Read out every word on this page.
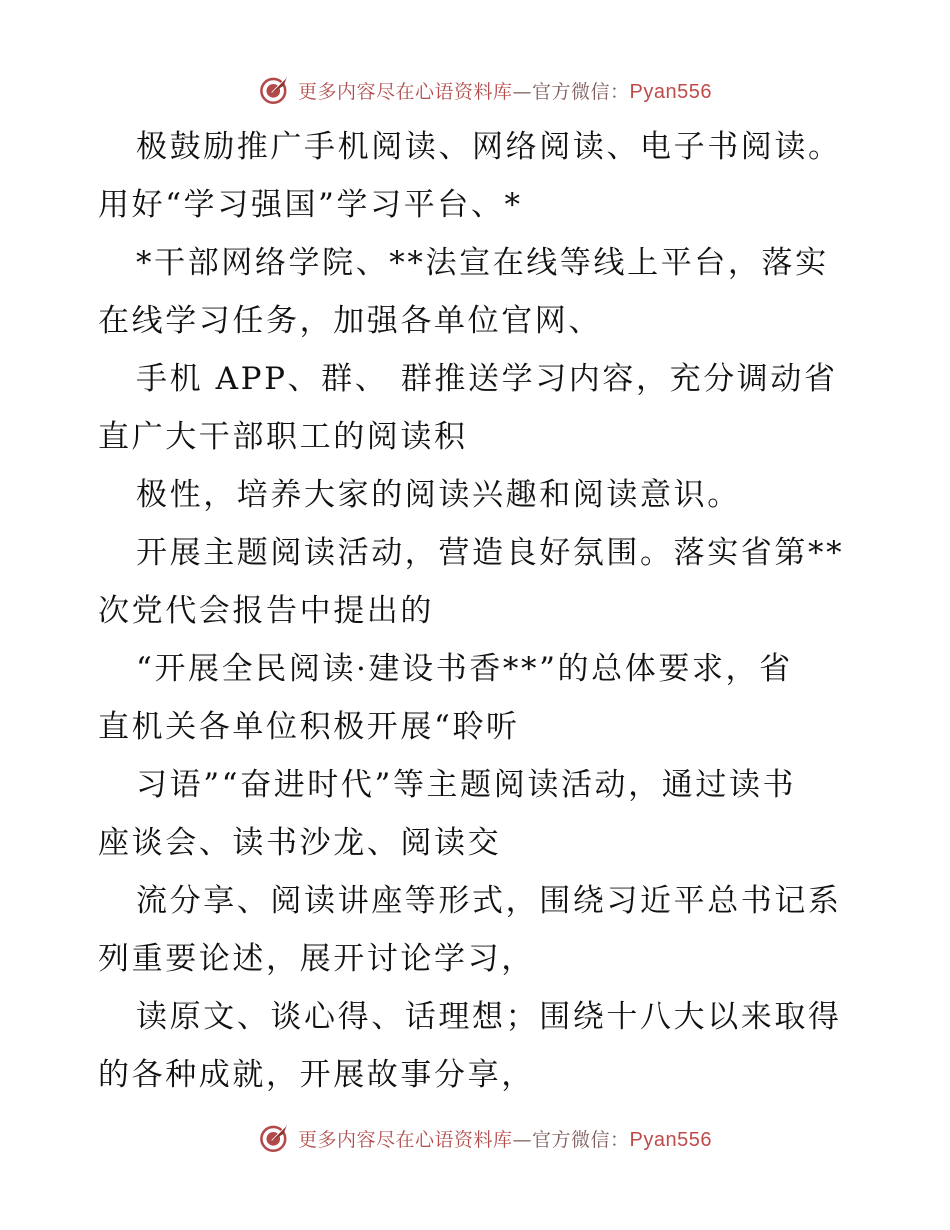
更多内容尽在心语资料库—官方微信：Pyan556
极鼓励推广手机阅读、网络阅读、电子书阅读。
用好“学习强国”学习平台、*
*干部网络学院、**法宣在线等线上平台，落实
在线学习任务，加强各单位官网、
手机 APP、群、 群推送学习内容，充分调动省
直广大干部职工的阅读积
极性，培养大家的阅读兴趣和阅读意识。
开展主题阅读活动，营造良好氛围。落实省第**
次党代会报告中提出的
“开展全民阅读·建设书香**”的总体要求，省
直机关各单位积极开展“聆听
习语”“奋进时代”等主题阅读活动，通过读书
座谈会、读书沙龙、阅读交
流分享、阅读讲座等形式，围绕习近平总书记系
列重要论述，展开讨论学习，
读原文、谈心得、话理想；围绕十八大以来取得
的各种成就，开展故事分享，
更多内容尽在心语资料库—官方微信：Pyan556
